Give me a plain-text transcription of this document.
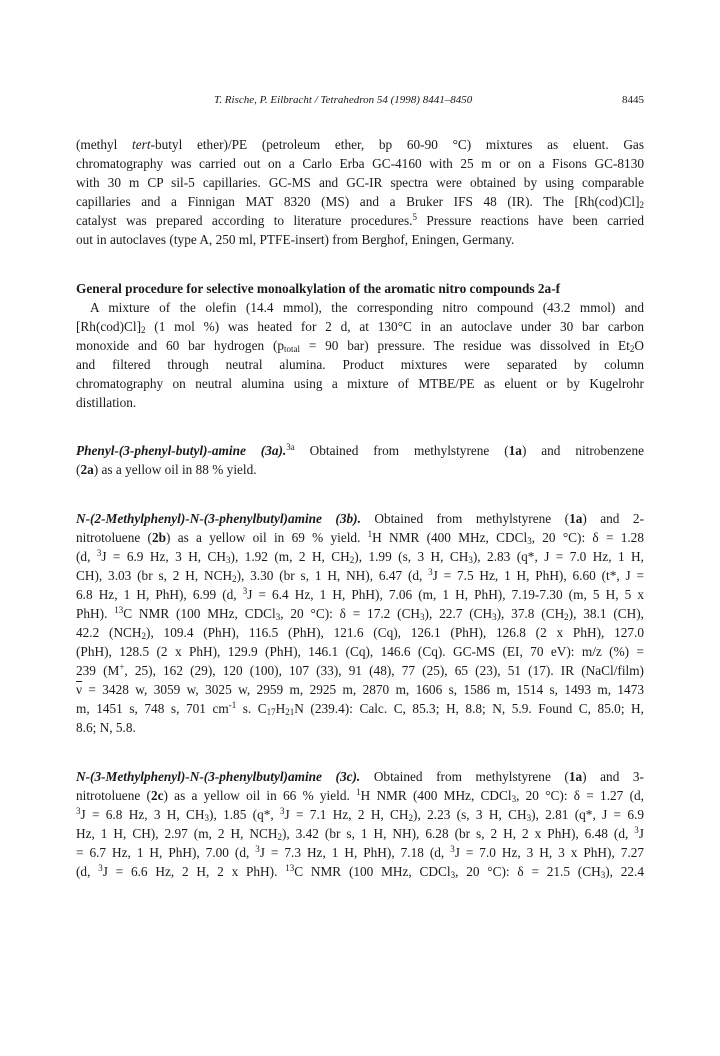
T. Rische, P. Eilbracht / Tetrahedron 54 (1998) 8441–8450	8445
(methyl tert-butyl ether)/PE (petroleum ether, bp 60-90 °C) mixtures as eluent. Gas
chromatography was carried out on a Carlo Erba GC-4160 with 25 m or on a Fisons GC-8130
with 30 m CP sil-5 capillaries. GC-MS and GC-IR spectra were obtained by using comparable
capillaries and a Finnigan MAT 8320 (MS) and a Bruker IFS 48 (IR). The $[Rh(cod)Cl]_2$
catalyst was prepared according to literature procedures.$^5$ Pressure reactions have been carried
out in autoclaves (type A, 250 ml, PTFE-insert) from Berghof, Eningen, Germany.
General procedure for selective monoalkylation of the aromatic nitro compounds 2a-f
A mixture of the olefin (14.4 mmol), the corresponding nitro compound (43.2 mmol) and
$[Rh(cod)Cl]_2$ (1 mol %) was heated for 2 d, at 130°C in an autoclave under 30 bar carbon
monoxide and 60 bar hydrogen ($p_{total} = 90$ bar) pressure. The residue was dissolved in $Et_2O$
and filtered through neutral alumina. Product mixtures were separated by column
chromatography on neutral alumina using a mixture of MTBE/PE as eluent or by Kugelrohr
distillation.
Phenyl-(3-phenyl-butyl)-amine (3a).$^{3a}$ Obtained from methylstyrene (1a) and nitrobenzene
(2a) as a yellow oil in 88 % yield.
N-(2-Methylphenyl)-N-(3-phenylbutyl)amine (3b). Obtained from methylstyrene (1a) and 2-
nitrotoluene (2b) as a yellow oil in 69 % yield. $^1$H NMR (400 MHz, CDCl$_3$, 20 °C): δ = 1.28
(d, $^3$J = 6.9 Hz, 3 H, $CH_3$), 1.92 (m, 2 H, $CH_2$), 1.99 (s, 3 H, $CH_3$), 2.83 (q*, J = 7.0 Hz, 1 H,
CH), 3.03 (br s, 2 H, $NCH_2$), 3.30 (br s, 1 H, NH), 6.47 (d, $^3$J = 7.5 Hz, 1 H, PhH), 6.60 (t*, J =
6.8 Hz, 1 H, PhH), 6.99 (d, $^3$J = 6.4 Hz, 1 H, PhH), 7.06 (m, 1 H, PhH), 7.19-7.30 (m, 5 H, 5 x
PhH). $^{13}$C NMR (100 MHz, CDCl$_3$, 20 °C): δ = 17.2 $(CH_3)$, 22.7 $(CH_3)$, 37.8 $(CH_2)$, 38.1 (CH),
42.2 $(NCH_2)$, 109.4 (PhH), 116.5 (PhH), 121.6 (Cq), 126.1 (PhH), 126.8 (2 x PhH), 127.0
(PhH), 128.5 (2 x PhH), 129.9 (PhH), 146.1 (Cq), 146.6 (Cq). GC-MS (EI, 70 eV): m/z (%) =
239 (M+, 25), 162 (29), 120 (100), 107 (33), 91 (48), 77 (25), 65 (23), 51 (17). IR (NaCl/film)
$\overline{\nu} = 3428$ w, 3059 w, 3025 w, 2959 m, 2925 m, 2870 m, 1606 s, 1586 m, 1514 s, 1493 m, 1473
m, 1451 s, 748 s, 701 $cm^{-1}$ s. $C_{17}H_{21}N$ (239.4): Calc. C, 85.3; H, 8.8; N, 5.9. Found C, 85.0; H,
8.6; N, 5.8.
N-(3-Methylphenyl)-N-(3-phenylbutyl)amine (3c). Obtained from methylstyrene (1a) and 3-
nitrotoluene (2c) as a yellow oil in 66 % yield. $^1$H NMR (400 MHz, CDCl$_3$, 20 °C): δ = 1.27 (d,
$^3$J = 6.8 Hz, 3 H, $CH_3$), 1.85 (q*, $^3$J = 7.1 Hz, 2 H, $CH_2$), 2.23 (s, 3 H, $CH_3$), 2.81 (q*, J = 6.9
Hz, 1 H, CH), 2.97 (m, 2 H, $NCH_2$), 3.42 (br s, 1 H, NH), 6.28 (br s, 2 H, 2 x PhH), 6.48 (d, $^3$J
= 6.7 Hz, 1 H, PhH), 7.00 (d, $^3$J = 7.3 Hz, 1 H, PhH), 7.18 (d, $^3$J = 7.0 Hz, 3 H, 3 x PhH), 7.27
(d, $^3$J = 6.6 Hz, 2 H, 2 x PhH). $^{13}$C NMR (100 MHz, CDCl$_3$, 20 °C): δ = 21.5 $(CH_3)$, 22.4
